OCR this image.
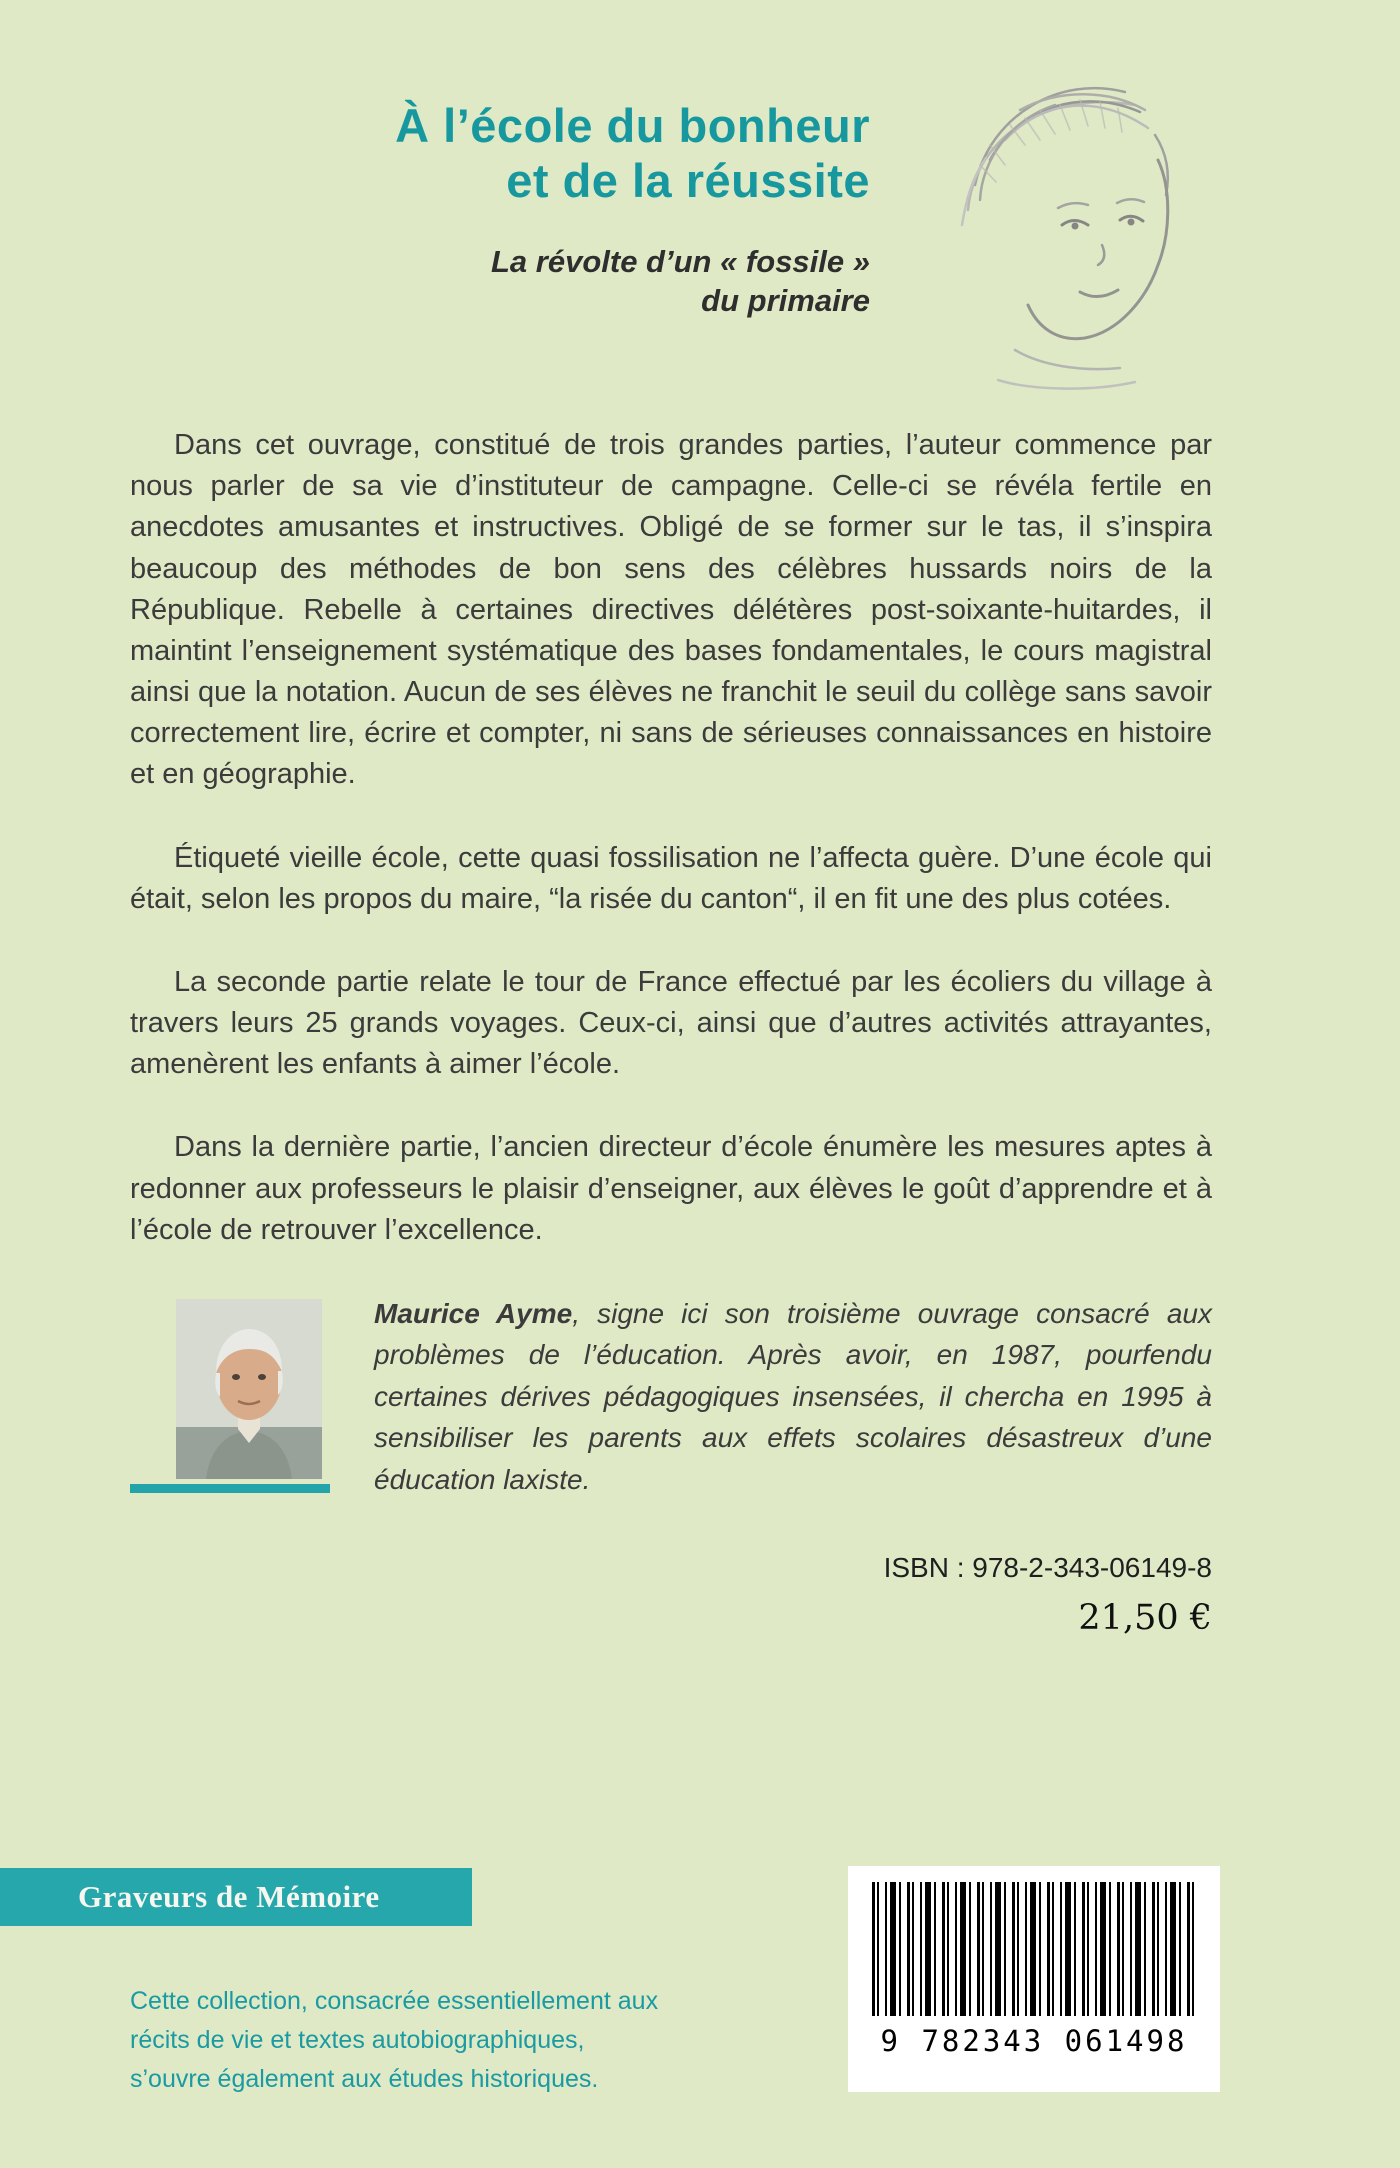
À l’école du bonheur
et de la réussite
La révolte d’un « fossile »
du primaire

Dans cet ouvrage, constitué de trois grandes parties, l’auteur commence par nous parler de sa vie d’instituteur de campagne. Celle-ci se révéla fertile en anecdotes amusantes et instructives. Obligé de se former sur le tas, il s’inspira beaucoup des méthodes de bon sens des célèbres hussards noirs de la République. Rebelle à certaines directives délétères post-soixante-huitardes, il maintint l’enseignement systématique des bases fondamentales, le cours magistral ainsi que la notation. Aucun de ses élèves ne franchit le seuil du collège sans savoir correctement lire, écrire et compter, ni sans de sérieuses connaissances en histoire et en géographie.

Étiqueté vieille école, cette quasi fossilisation ne l’affecta guère. D’une école qui était, selon les propos du maire, “la risée du canton“, il en fit une des plus cotées.

La seconde partie relate le tour de France effectué par les écoliers du village à travers leurs 25 grands voyages. Ceux-ci, ainsi que d’autres activités attrayantes, amenèrent les enfants à aimer l’école.

Dans la dernière partie, l’ancien directeur d’école énumère les mesures aptes à redonner aux professeurs le plaisir d’enseigner, aux élèves le goût d’apprendre et à l’école de retrouver l’excellence.

Maurice Ayme, signe ici son troisième ouvrage consacré aux problèmes de l’éducation. Après avoir, en 1987, pourfendu certaines dérives pédagogiques insensées, il chercha en 1995 à sensibiliser les parents aux effets scolaires désastreux d’une éducation laxiste.

ISBN : 978-2-343-06149-8
21,50 €
Graveurs de Mémoire
Cette collection, consacrée essentiellement aux récits de vie et textes autobiographiques, s’ouvre également aux études historiques.
9 782343 061498
